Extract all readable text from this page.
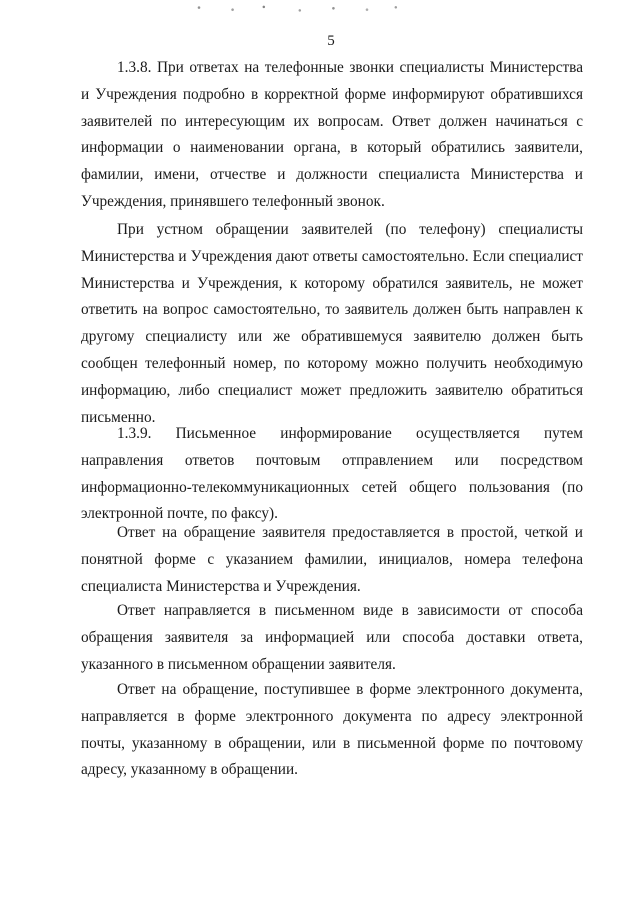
5

1.3.8. При ответах на телефонные звонки специалисты Министерства и Учреждения подробно в корректной форме информируют обратившихся заявителей по интересующим их вопросам. Ответ должен начинаться с информации о наименовании органа, в который обратились заявители, фамилии, имени, отчестве и должности специалиста Министерства и Учреждения, принявшего телефонный звонок.

При устном обращении заявителей (по телефону) специалисты Министерства и Учреждения дают ответы самостоятельно. Если специалист Министерства и Учреждения, к которому обратился заявитель, не может ответить на вопрос самостоятельно, то заявитель должен быть направлен к другому специалисту или же обратившемуся заявителю должен быть сообщен телефонный номер, по которому можно получить необходимую информацию, либо специалист может предложить заявителю обратиться письменно.

1.3.9. Письменное информирование осуществляется путем направления ответов почтовым отправлением или посредством информационно-телекоммуникационных сетей общего пользования (по электронной почте, по факсу).

Ответ на обращение заявителя предоставляется в простой, четкой и понятной форме с указанием фамилии, инициалов, номера телефона специалиста Министерства и Учреждения.

Ответ направляется в письменном виде в зависимости от способа обращения заявителя за информацией или способа доставки ответа, указанного в письменном обращении заявителя.

Ответ на обращение, поступившее в форме электронного документа, направляется в форме электронного документа по адресу электронной почты, указанному в обращении, или в письменной форме по почтовому адресу, указанному в обращении.
